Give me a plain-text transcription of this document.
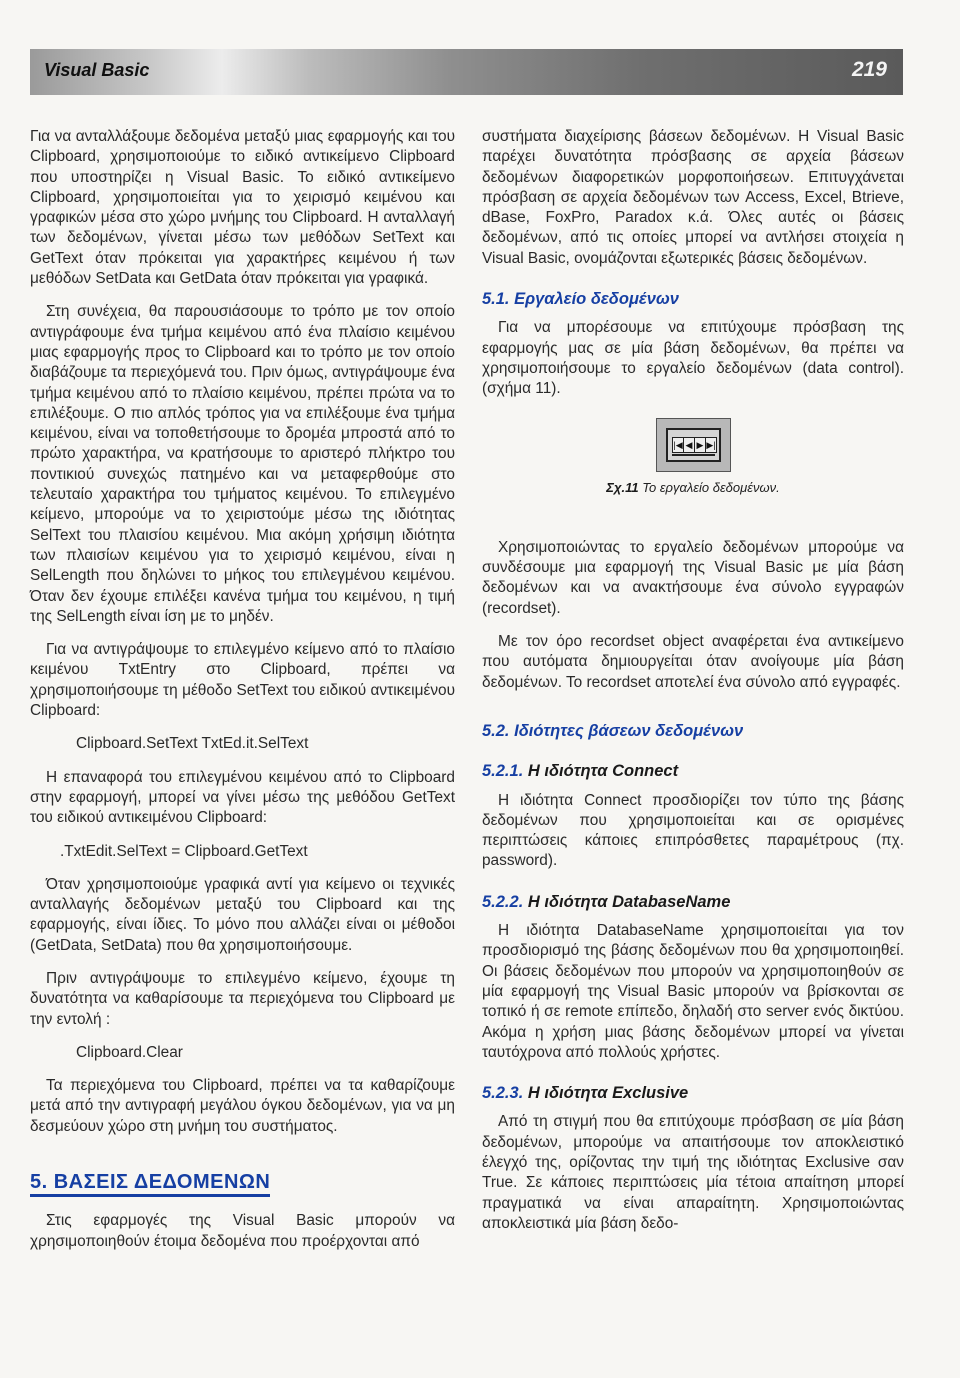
Visual Basic	219

Για να ανταλλάξουμε δεδομένα μεταξύ μιας εφαρμογής και του Clipboard, χρησιμοποιούμε το ειδικό αντικείμενο Clipboard που υποστηρίζει η Visual Basic. Το ειδικό αντικείμενο Clipboard, χρησιμοποιείται για το χειρισμό κειμένου και γραφικών μέσα στο χώρο μνήμης του Clipboard. Η ανταλλαγή των δεδομένων, γίνεται μέσω των μεθόδων SetText και GetText όταν πρόκειται για χαρακτήρες κειμένου ή των μεθόδων SetData και GetData όταν πρόκειται για γραφικά.

Στη συνέχεια, θα παρουσιάσουμε το τρόπο με τον οποίο αντιγράφουμε ένα τμήμα κειμένου από ένα πλαίσιο κειμένου μιας εφαρμογής προς το Clipboard και το τρόπο με τον οποίο διαβάζουμε τα περιεχόμενά του. Πριν όμως, αντιγράψουμε ένα τμήμα κειμένου από το πλαίσιο κειμένου, πρέπει πρώτα να το επιλέξουμε. Ο πιο απλός τρόπος για να επιλέξουμε ένα τμήμα κειμένου, είναι να τοποθετήσουμε το δρομέα μπροστά από το πρώτο χαρακτήρα, να κρατήσουμε το αριστερό πλήκτρο του ποντικιού συνεχώς πατημένο και να μεταφερθούμε στο τελευταίο χαρακτήρα του τμήματος κειμένου. Το επιλεγμένο κείμενο, μπορούμε να το χειριστούμε μέσω της ιδιότητας SelText του πλαισίου κειμένου. Μια ακόμη χρήσιμη ιδιότητα των πλαισίων κειμένου για το χειρισμό κειμένου, είναι η SelLength που δηλώνει το μήκος του επιλεγμένου κειμένου. Όταν δεν έχουμε επιλέξει κανένα τμήμα του κειμένου, η τιμή της SelLength είναι ίση με το μηδέν.

Για να αντιγράψουμε το επιλεγμένο κείμενο από το πλαίσιο κειμένου TxtEntry στο Clipboard, πρέπει να χρησιμοποιήσουμε τη μέθοδο SetText του ειδικού αντικειμένου Clipboard:

Clipboard.SetText TxtEd.it.SelText

Η επαναφορά του επιλεγμένου κειμένου από το Clipboard στην εφαρμογή, μπορεί να γίνει μέσω της μεθόδου GetText του ειδικού αντικειμένου Clipboard:

.TxtEdit.SelText = Clipboard.GetText

Όταν χρησιμοποιούμε γραφικά αντί για κείμενο οι τεχνικές ανταλλαγής δεδομένων μεταξύ του Clipboard και της εφαρμογής, είναι ίδιες. Το μόνο που αλλάζει είναι οι μέθοδοι (GetData, SetData) που θα χρησιμοποιήσουμε.

Πριν αντιγράψουμε το επιλεγμένο κείμενο, έχουμε τη δυνατότητα να καθαρίσουμε τα περιεχόμενα του Clipboard με την εντολή :

Clipboard.Clear

Τα περιεχόμενα του Clipboard, πρέπει να τα καθαρίζουμε μετά από την αντιγραφή μεγάλου όγκου δεδομένων, για να μη δεσμεύουν χώρο στη μνήμη του συστήματος.

5. ΒΑΣΕΙΣ ΔΕΔΟΜΕΝΩΝ

Στις εφαρμογές της Visual Basic μπορούν να χρησιμοποιηθούν έτοιμα δεδομένα που προέρχονται από

συστήματα διαχείρισης βάσεων δεδομένων. Η Visual Basic παρέχει δυνατότητα πρόσβασης σε αρχεία βάσεων δεδομένων διαφορετικών μορφοποιήσεων. Επιτυγχάνεται πρόσβαση σε αρχεία δεδομένων των Access, Excel, Btrieve, dBase, FoxPro, Paradox κ.ά. Όλες αυτές οι βάσεις δεδομένων, από τις οποίες μπορεί να αντλήσει στοιχεία η Visual Basic, ονομάζονται εξωτερικές βάσεις δεδομένων.

5.1. Εργαλείο δεδομένων

Για να μπορέσουμε να επιτύχουμε πρόσβαση της εφαρμογής μας σε μία βάση δεδομένων, θα πρέπει να χρησιμοποιήσουμε το εργαλείο δεδομένων (data control). (σχήμα 11).

|◀ ◀ ▶ ▶|
Σχ.11 Το εργαλείο δεδομένων.

Χρησιμοποιώντας το εργαλείο δεδομένων μπορούμε να συνδέσουμε μια εφαρμογή της Visual Basic με μία βάση δεδομένων και να ανακτήσουμε ένα σύνολο εγγραφών (recordset).

Με τον όρο recordset object αναφέρεται ένα αντικείμενο που αυτόματα δημιουργείται όταν ανοίγουμε μία βάση δεδομένων. Το recordset αποτελεί ένα σύνολο από εγγραφές.

5.2. Ιδιότητες βάσεων δεδομένων
5.2.1. Η ιδιότητα Connect

Η ιδιότητα Connect προσδιορίζει τον τύπο της βάσης δεδομένων που χρησιμοποιείται και σε ορισμένες περιπτώσεις κάποιες επιπρόσθετες παραμέτρους (πχ. password).

5.2.2. Η ιδιότητα DatabaseName

Η ιδιότητα DatabaseName χρησιμοποιείται για τον προσδιορισμό της βάσης δεδομένων που θα χρησιμοποιηθεί. Οι βάσεις δεδομένων που μπορούν να χρησιμοποιηθούν σε μία εφαρμογή της Visual Basic μπορούν να βρίσκονται σε τοπικό ή σε remote επίπεδο, δηλαδή στο server ενός δικτύου. Ακόμα η χρήση μιας βάσης δεδομένων μπορεί να γίνεται ταυτόχρονα από πολλούς χρήστες.

5.2.3. Η ιδιότητα Exclusive

Από τη στιγμή που θα επιτύχουμε πρόσβαση σε μία βάση δεδομένων, μπορούμε να απαιτήσουμε τον αποκλειστικό έλεγχό της, ορίζοντας την τιμή της ιδιότητας Exclusive σαν True. Σε κάποιες περιπτώσεις μία τέτοια απαίτηση μπορεί πραγματικά να είναι απαραίτητη. Χρησιμοποιώντας αποκλειστικά μία βάση δεδο-
